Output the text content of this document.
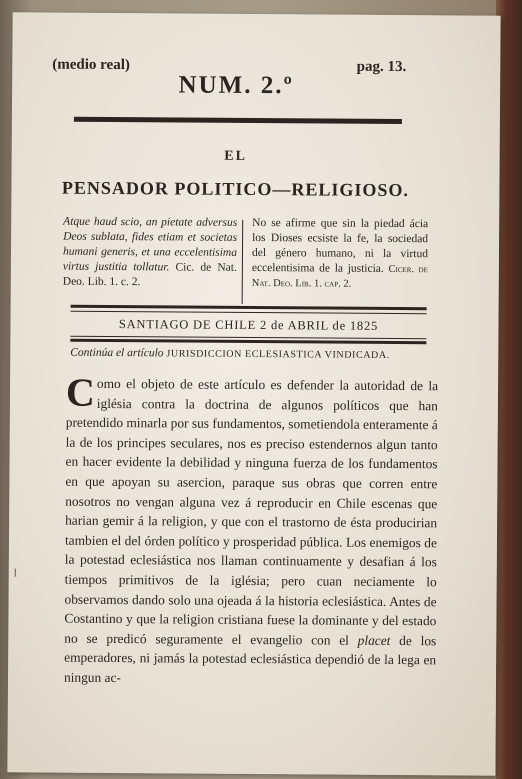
(medio real)	pag. 13.
NUM. 2.º
EL
PENSADOR POLITICO—RELIGIOSO.
Atque haud scio, an pietate adversus Deos sublata, fides etiam et societas humani generis, et una eccelentisima virtus justitia tollatur. Cic. de Nat. Deo. Lib. 1. c. 2.
No se afirme que sin la piedad ácia los Dioses ecsiste la fe, la sociedad del género humano, ni la virtud eccelentisima de la justicia. Cicer. de Nat. Deo. Lib. 1. cap. 2.
SANTIAGO DE CHILE 2 de ABRIL de 1825
Continúa el artículo JURISDICCION ECLESIASTICA VINDICADA.

Como el objeto de este artículo es defender la autoridad de la iglésia contra la doctrina de algunos políticos que han pretendido minarla por sus fundamentos, sometiendola enteramente á la de los principes seculares, nos es preciso estendernos algun tanto en hacer evidente la debilidad y ninguna fuerza de los fundamentos en que apoyan su asercion, paraque sus obras que corren entre nosotros no vengan alguna vez á reproducir en Chile escenas que harian gemir á la religion, y que con el trastorno de ésta producirian tambien el del órden político y prosperidad pública. Los enemigos de la potestad eclesiástica nos llaman continuamente y desafian á los tiempos primitivos de la iglésia; pero cuan neciamente lo observamos dando solo una ojeada á la historia eclesiástica. Antes de Costantino y que la religion cristiana fuese la dominante y del estado no se predicó seguramente el evangelio con el placet de los emperadores, ni jamás la potestad eclesiástica dependió de la lega en ningun ac-

l
